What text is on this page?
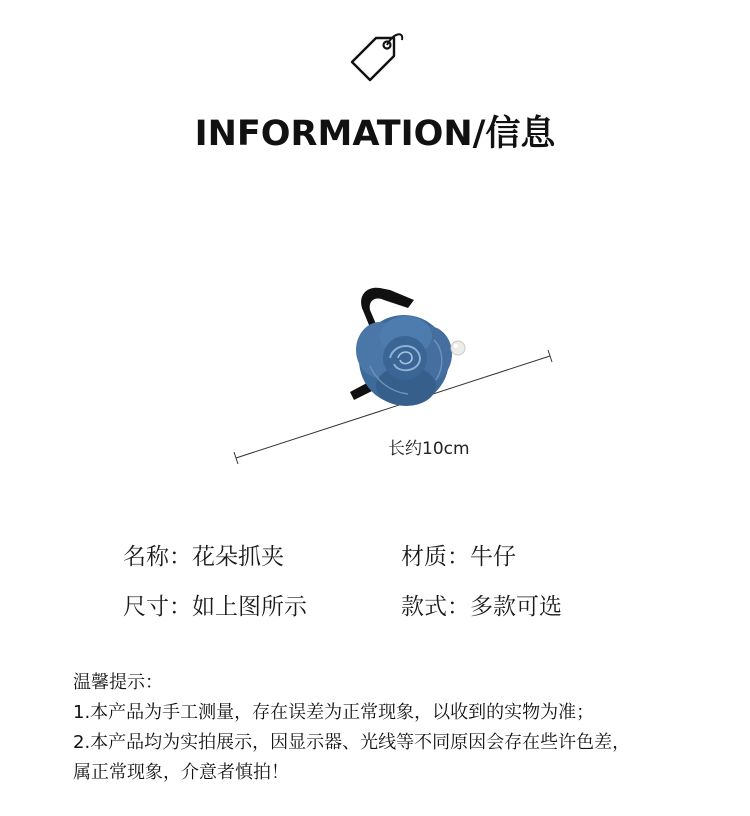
INFORMATION/信息
长约10cm
名称：花朵抓夹	材质：牛仔
尺寸：如上图所示	款式：多款可选
温馨提示：
1.本产品为手工测量，存在误差为正常现象，以收到的实物为准；
2.本产品均为实拍展示，因显示器、光线等不同原因会存在些许色差，
属正常现象，介意者慎拍！
